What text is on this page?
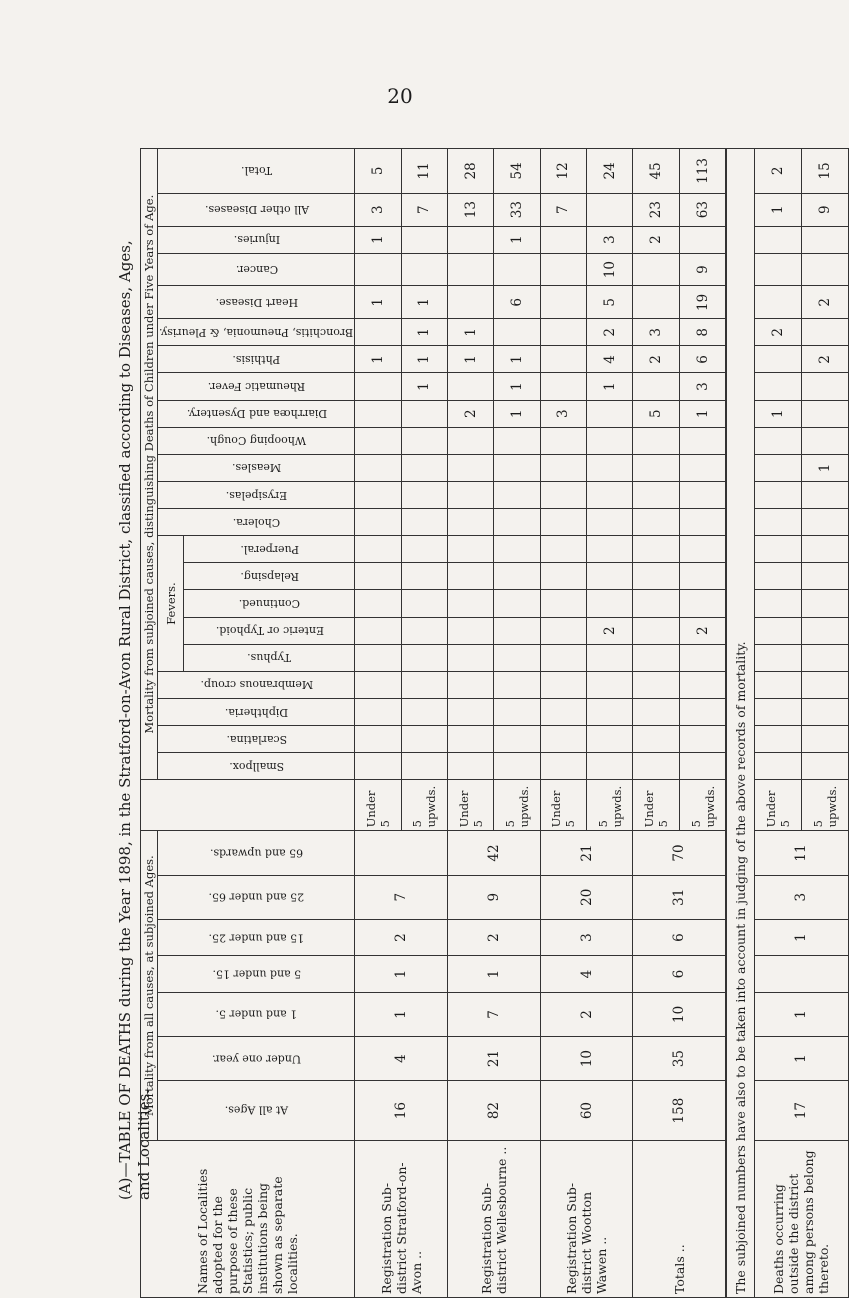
20
(A)—TABLE OF DEATHS during the Year 1898, in the Stratford-on-Avon Rural District, classified according to Diseases, Ages, and Localities.
Names of Localities adopted for the purpose of these Statistics; public institutions being shown as separate localities.	Mortality from all causes, at subjoined Ages.								Mortality from subjoined causes, distinguishing Deaths of Children under Five Years of Age.																					
	At all Ages.	Under one year.	1 and under 5.	5 and under 15.	15 and under 25.	25 and under 65.	65 and upwards.		Smallpox.	Scarlatina.	Diphtheria.	Membranous croup.	Fevers.					Cholera.	Erysipelas.	Measles.	Whooping Cough.	Diarrhœa and Dysentery.	Rheumatic Fever.	Phthisis.	Bronchitis, Pneumonia, & Pleurisy.	Heart Disease.	Cancer.	Injuries.	All other Diseases.	Total.
													Typhus.	Enteric or Typhoid.	Continued.	Relapsing.	Puerperal.													
Registration Sub-district Stratford-on-Avon ..	16	4	1	1	2	7		Under 5																1		1		1	3	5
								5 upwds.															1	1	1	1			7	11
Registration Sub-district Wellesbourne ..	82	21	7	1	2	9	42	Under 5														2		1	1				13	28
								5 upwds.														1	1	1		6		1	33	54
Registration Sub-district Wootton Wawen ..	60	10	2	4	3	20	21	Under 5														3							7	12
								5 upwds.						2									1	4	2	5	10	3		24
Totals ..	158	35	10	6	6	31	70	Under 5														5		2	3			2	23	45
								5 upwds.						2								1	3	6	8	19	9		63	113
The subjoined numbers have also to be taken into account in judging of the above records of mortality.																														
Deaths occurring outside the district among persons belong thereto.	17	1	1		1	3	11	Under 5														1			2				1	2
								5 upwds.												1				2		2			9	15
